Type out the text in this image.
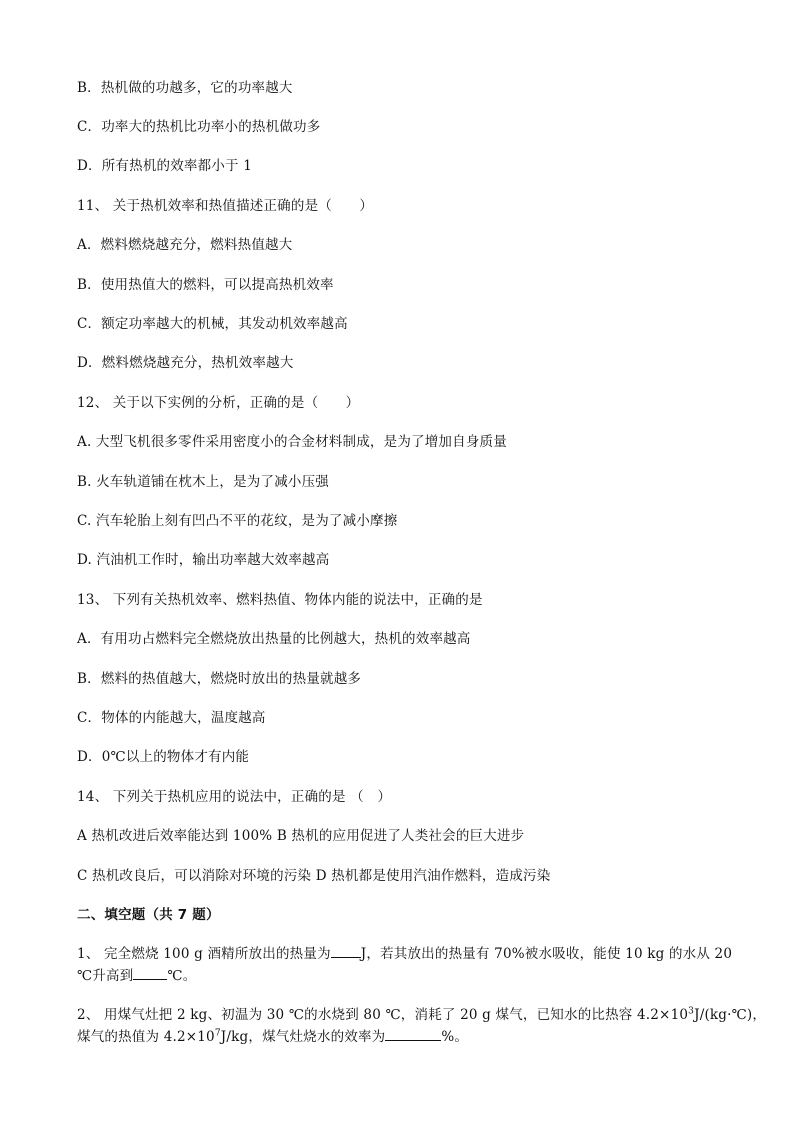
B．热机做的功越多，它的功率越大
C．功率大的热机比功率小的热机做功多
D．所有热机的效率都小于 1
11、 关于热机效率和热值描述正确的是（　　）
A．燃料燃烧越充分，燃料热值越大
B．使用热值大的燃料，可以提高热机效率
C．额定功率越大的机械，其发动机效率越高
D．燃料燃烧越充分，热机效率越大
12、 关于以下实例的分析，正确的是（　　）
A. 大型飞机很多零件采用密度小的合金材料制成，是为了增加自身质量
B. 火车轨道铺在枕木上，是为了减小压强
C. 汽车轮胎上刻有凹凸不平的花纹，是为了减小摩擦
D. 汽油机工作时，输出功率越大效率越高
13、 下列有关热机效率、燃料热值、物体内能的说法中，正确的是
A．有用功占燃料完全燃烧放出热量的比例越大，热机的效率越高
B．燃料的热值越大，燃烧时放出的热量就越多
C．物体的内能越大，温度越高
D．0℃以上的物体才有内能
14、 下列关于热机应用的说法中，正确的是 （　）
A 热机改进后效率能达到 100% B 热机的应用促进了人类社会的巨大进步
C 热机改良后，可以消除对环境的污染 D 热机都是使用汽油作燃料，造成污染
二、填空题（共 7 题）
1、 完全燃烧 100 g 酒精所放出的热量为 J，若其放出的热量有 70%被水吸收，能使 10 kg 的水从 20
℃升高到	℃。
2、 用煤气灶把 2 kg、初温为 30 ℃的水烧到 80 ℃，消耗了 20 g 煤气，已知水的比热容 $4.2\times 10^3J/(kg\cdot℃)$，
煤气的热值为 $4.2\times 10^7J/kg$，煤气灶烧水的效率为	%。
